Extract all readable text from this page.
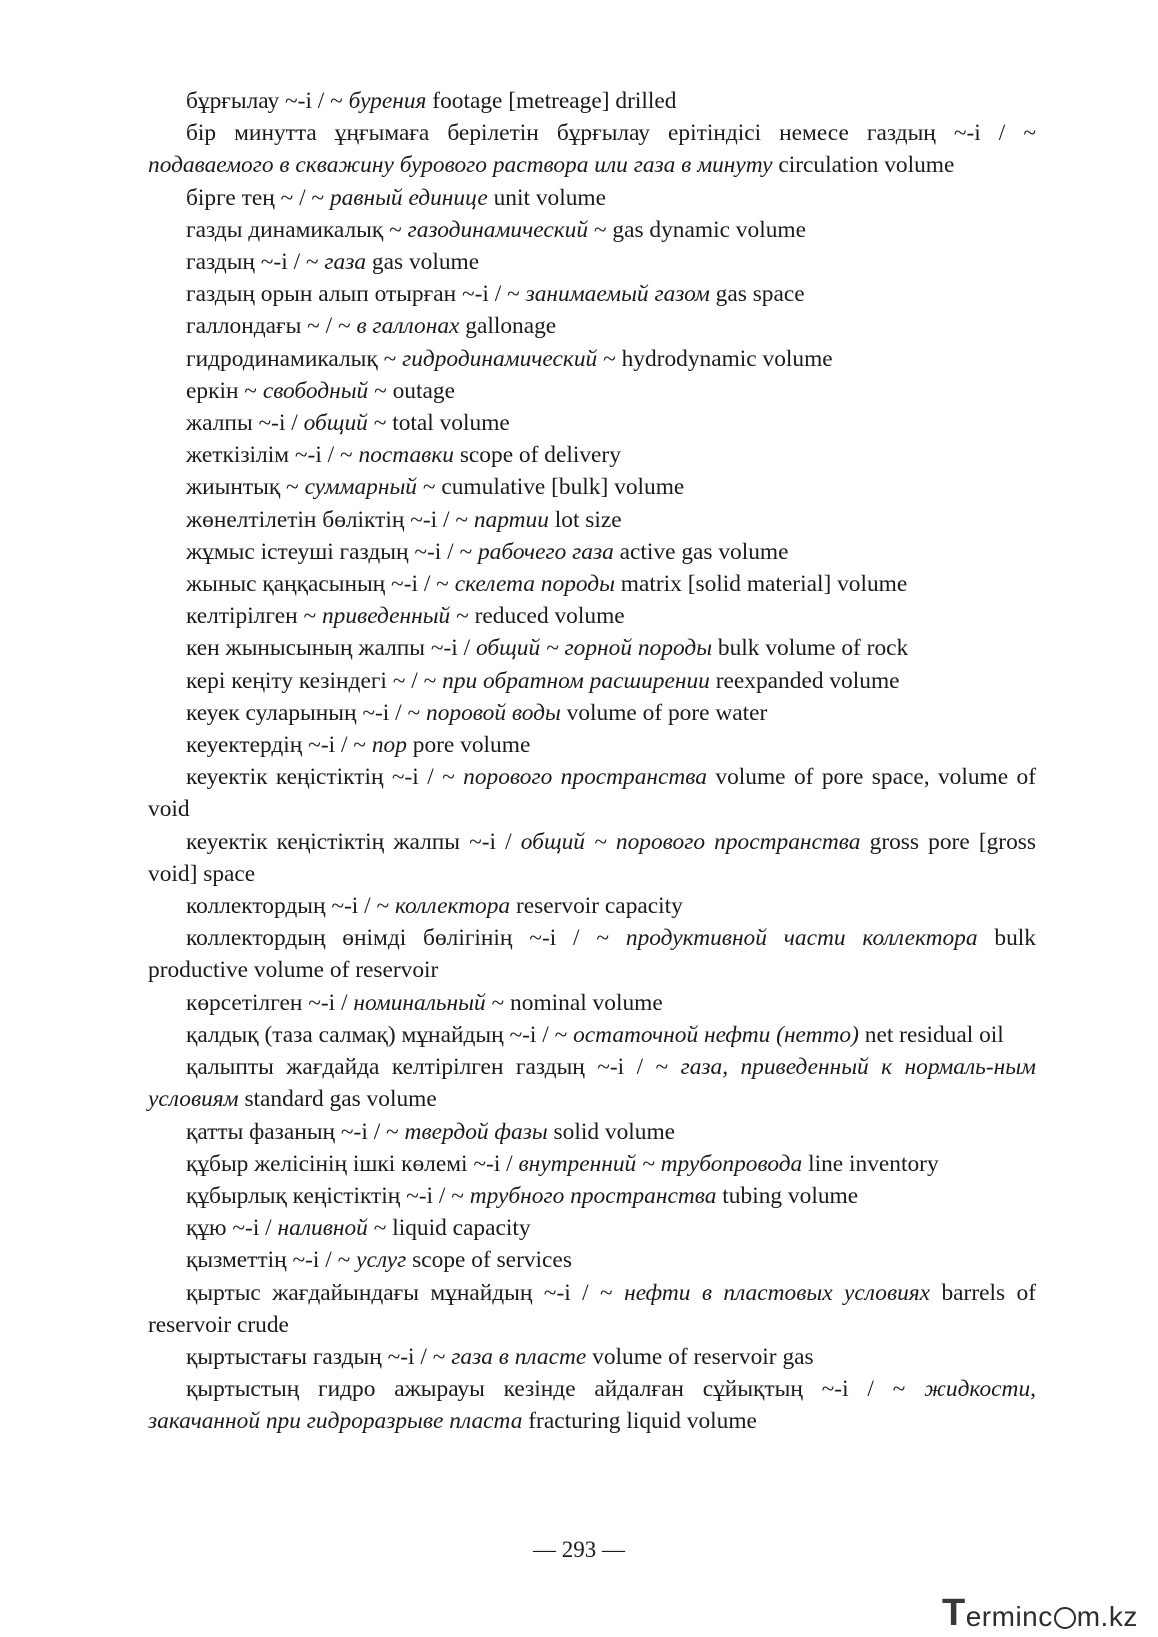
бұрғылау ~-і / ~ бурения footage [metreage] drilled

бір минутта ұңғымаға берілетін бұрғылау ерітіндісі немесе газдың ~-і / ~ подаваемого в скважину бурового раствора или газа в минуту circulation volume

бірге тең ~ / ~ равный единице unit volume

газды динамикалық ~ газодинамический ~ gas dynamic volume

газдың ~-і / ~ газа gas volume

газдың орын алып отырған ~-і / ~ занимаемый газом gas space

галлондағы ~ / ~ в галлонах gallonage

гидродинамикалық ~ гидродинамический ~ hydrodynamic volume

еркін ~ свободный ~ outage

жалпы ~-і / общий ~ total volume

жеткізілім ~-і / ~ поставки scope of delivery

жиынтық ~ суммарный ~ cumulative [bulk] volume

жөнелтілетін бөліктің ~-і / ~ партии lot size

жұмыс істеуші газдың ~-і / ~ рабочего газа active gas volume

жыныс қаңқасының ~-і / ~ скелета породы matrix [solid material] volume

келтірілген ~ приведенный ~ reduced volume

кен жынысының жалпы ~-і / общий ~ горной породы bulk volume of rock

кері кеңіту кезіндегі ~ / ~ при обратном расширении reexpanded volume

кеуек суларының ~-і / ~ поровой воды volume of pore water

кеуектердің ~-і / ~ пор pore volume

кеуектік кеңістіктің ~-і / ~ порового пространства volume of pore space, volume of void

кеуектік кеңістіктің жалпы ~-і / общий ~ порового пространства gross pore [gross void] space

коллектордың ~-і / ~ коллектора reservoir capacity

коллектордың өнімді бөлігінің ~-і / ~ продуктивной части коллектора bulk productive volume of reservoir

көрсетілген ~-і / номинальный ~ nominal volume

қалдық (таза салмақ) мұнайдың ~-і / ~ остаточной нефти (нетто) net residual oil

қалыпты жағдайда келтірілген газдың ~-і / ~ газа, приведенный к нормаль-ным условиям standard gas volume

қатты фазаның ~-і / ~ твердой фазы solid volume

құбыр желісінің ішкі көлемі ~-і / внутренний ~ трубопровода line inventory

құбырлық кеңістіктің ~-і / ~ трубного пространства tubing volume

құю ~-і / наливной ~ liquid capacity

қызметтің ~-і / ~ услуг scope of services

қыртыс жағдайындағы мұнайдың ~-і / ~ нефти в пластовых условиях barrels of reservoir crude

қыртыстағы газдың ~-і / ~ газа в пласте volume of reservoir gas

қыртыстың гидро ажырауы кезінде айдалған сұйықтың ~-і / ~ жидкости, закачанной при гидроразрыве пласта fracturing liquid volume

— 293 —
T erminc m.kz
